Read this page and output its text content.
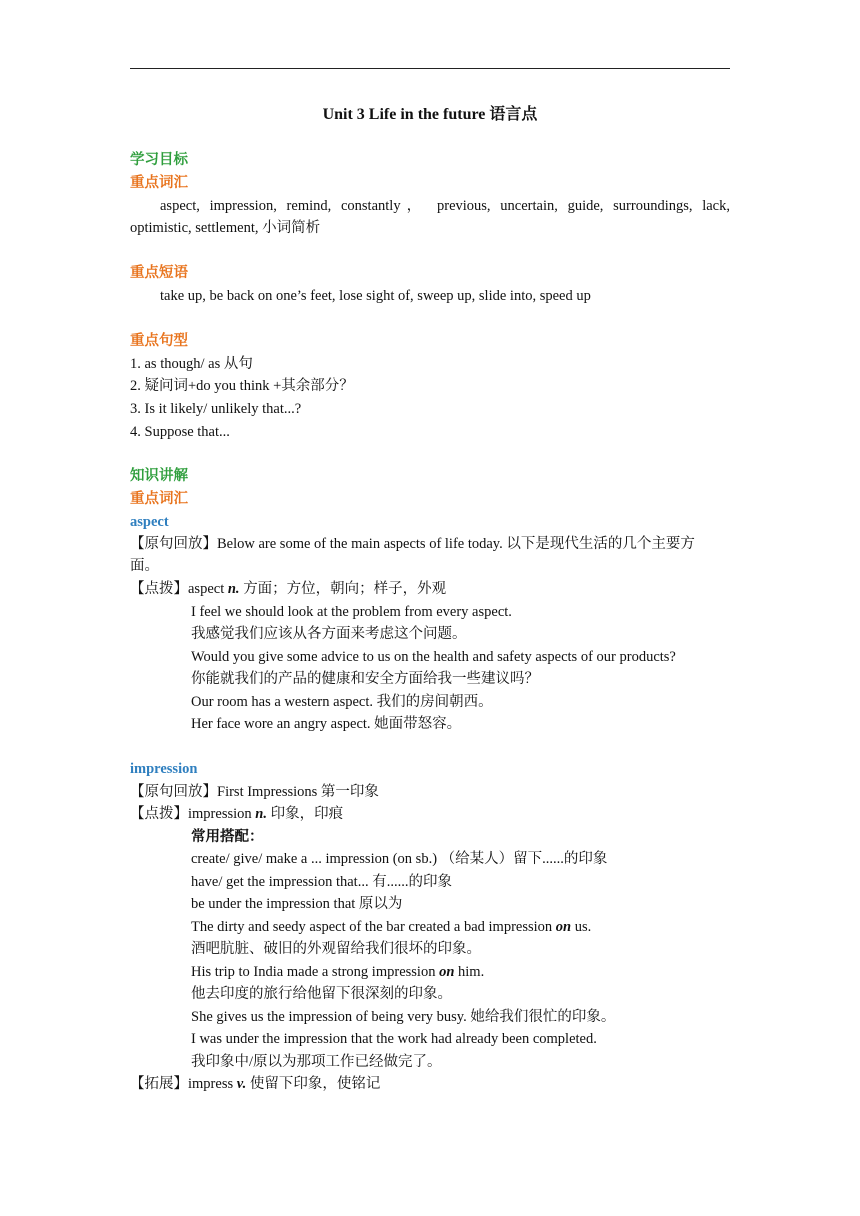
Unit 3 Life in the future 语言点
学习目标
重点词汇
aspect, impression, remind, constantly， previous, uncertain, guide, surroundings, lack,
optimistic, settlement, 小词简析
重点短语
take up, be back on one’s feet, lose sight of, sweep up, slide into, speed up
重点句型
1. as though/ as 从句
2. 疑问词+do you think +其余部分？
3. Is it likely/ unlikely that...?
4. Suppose that...
知识讲解
重点词汇
aspect
【原句回放】Below are some of the main aspects of life today. 以下是现代生活的几个主要方
面。
【点拨】aspect n. 方面；方位，朝向；样子，外观
I feel we should look at the problem from every aspect.
我感觉我们应该从各方面来考虑这个问题。
Would you give some advice to us on the health and safety aspects of our products?
你能就我们的产品的健康和安全方面给我一些建议吗？
Our room has a western aspect. 我们的房间朝西。
Her face wore an angry aspect. 她面带怒容。
impression
【原句回放】First Impressions 第一印象
【点拨】impression n. 印象，印痕
常用搭配：
create/ give/ make a ... impression (on sb.) （给某人）留下......的印象
have/ get the impression that... 有......的印象
be under the impression that 原以为
The dirty and seedy aspect of the bar created a bad impression on us.
酒吧肮脏、破旧的外观留给我们很坏的印象。
His trip to India made a strong impression on him.
他去印度的旅行给他留下很深刻的印象。
She gives us the impression of being very busy. 她给我们很忙的印象。
I was under the impression that the work had already been completed.
我印象中/原以为那项工作已经做完了。
【拓展】impress v. 使留下印象，使铭记
